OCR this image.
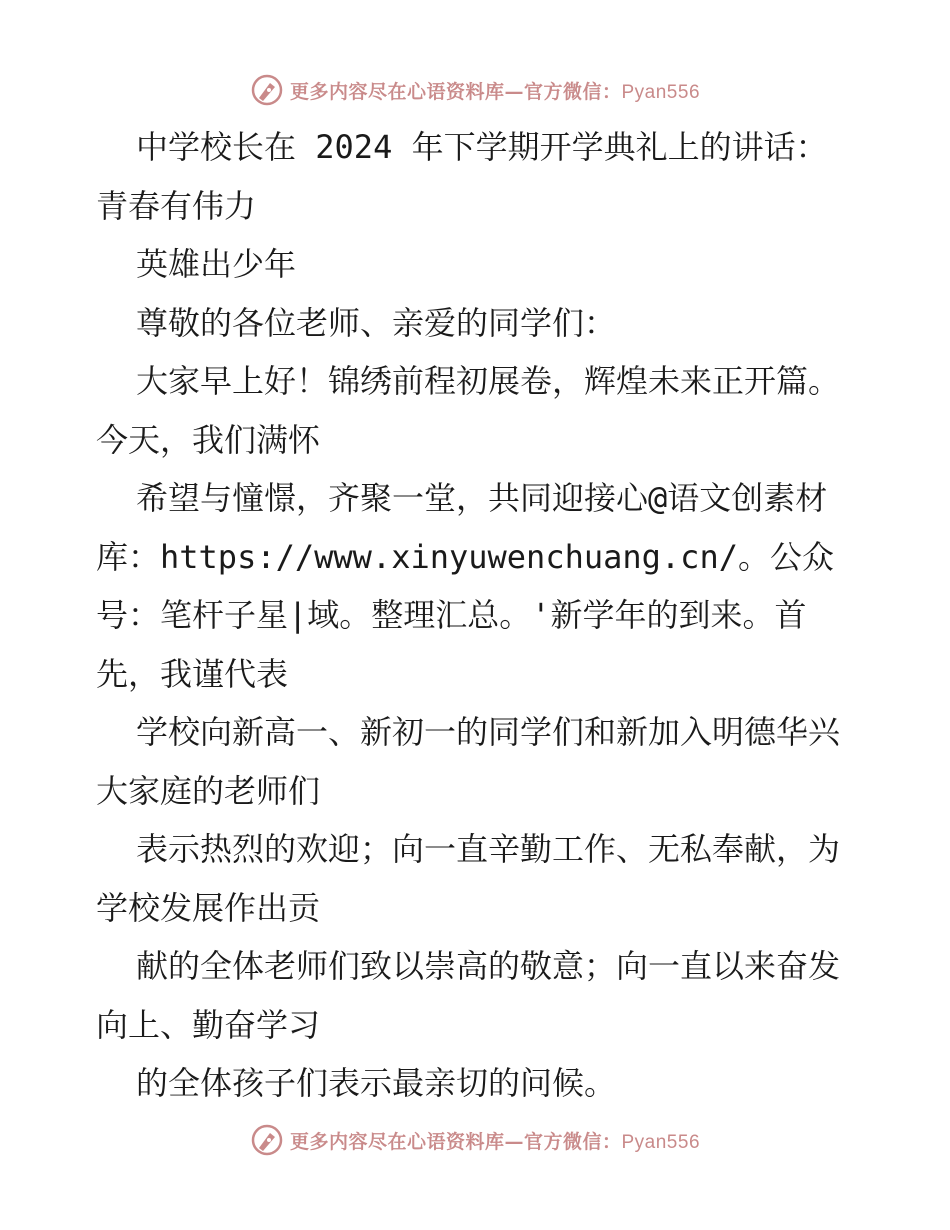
更多内容尽在心语资料库—官方微信：Pyan556

中学校长在 2024 年下学期开学典礼上的讲话：青春有伟力

英雄出少年

尊敬的各位老师、亲爱的同学们：

大家早上好！锦绣前程初展卷，辉煌未来正开篇。今天，我们满怀

希望与憧憬，齐聚一堂，共同迎接心@语文创素材库：https://www.xinyuwenchuang.cn/。公众号：笔杆子星|域。整理汇总。'新学年的到来。首先，我谨代表

学校向新高一、新初一的同学们和新加入明德华兴大家庭的老师们

表示热烈的欢迎；向一直辛勤工作、无私奉献，为学校发展作出贡

献的全体老师们致以崇高的敬意；向一直以来奋发向上、勤奋学习

的全体孩子们表示最亲切的问候。

更多内容尽在心语资料库—官方微信：Pyan556
